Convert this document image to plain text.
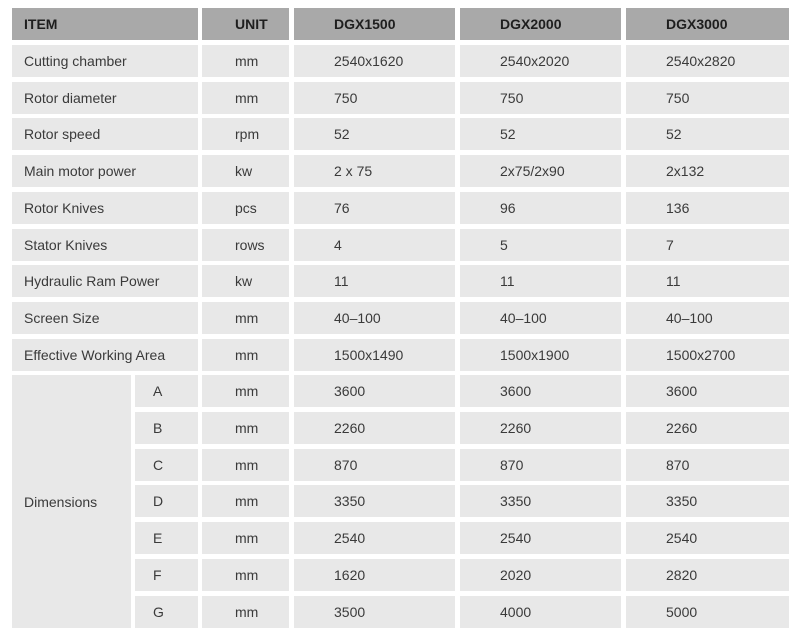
ITEM	UNIT	DGX1500	DGX2000	DGX3000
Cutting chamber	mm	2540x1620	2540x2020	2540x2820
Rotor diameter	mm	750	750	750
Rotor speed	rpm	52	52	52
Main motor power	kw	2 x 75	2x75/2x90	2x132
Rotor Knives	pcs	76	96	136
Stator Knives	rows	4	5	7
Hydraulic Ram Power	kw	11	11	11
Screen Size	mm	40–100	40–100	40–100
Effective Working Area	mm	1500x1490	1500x1900	1500x2700
Dimensions
A	mm	3600	3600	3600
B	mm	2260	2260	2260
C	mm	870	870	870
D	mm	3350	3350	3350
E	mm	2540	2540	2540
F	mm	1620	2020	2820
G	mm	3500	4000	5000
